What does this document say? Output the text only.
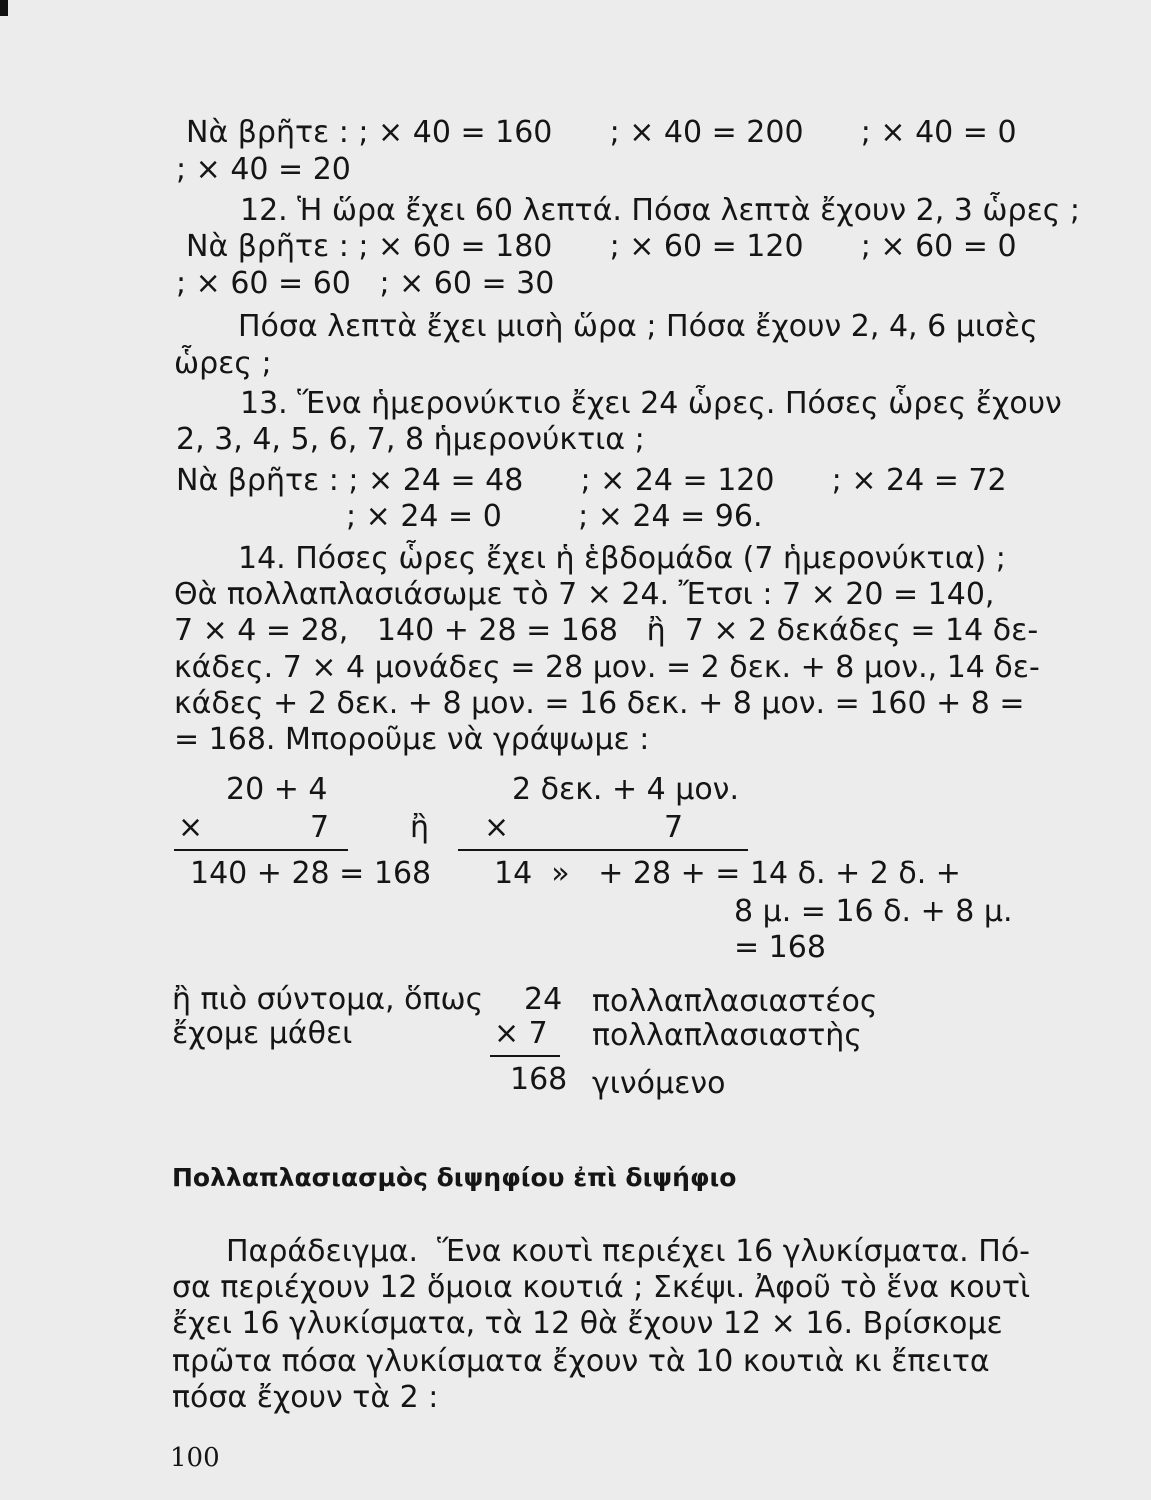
Νὰ βρῆτε : ; × 40 = 160      ; × 40 = 200      ; × 40 = 0
; × 40 = 20
12. Ἡ ὥρα ἔχει 60 λεπτά. Πόσα λεπτὰ ἔχουν 2, 3 ὧρες ;
Νὰ βρῆτε : ; × 60 = 180      ; × 60 = 120      ; × 60 = 0
; × 60 = 60   ; × 60 = 30
Πόσα λεπτὰ ἔχει μισὴ ὥρα ; Πόσα ἔχουν 2, 4, 6 μισὲς
ὧρες ;
13. Ἕνα ἡμερονύκτιο ἔχει 24 ὧρες. Πόσες ὧρες ἔχουν
2, 3, 4, 5, 6, 7, 8 ἡμερονύκτια ;
Νὰ βρῆτε : ; × 24 = 48      ; × 24 = 120      ; × 24 = 72
; × 24 = 0        ; × 24 = 96.
14. Πόσες ὧρες ἔχει ἡ ἑβδομάδα (7 ἡμερονύκτια) ;
Θὰ πολλαπλασιάσωμε τὸ 7 × 24. Ἔτσι : 7 × 20 = 140,
7 × 4 = 28,   140 + 28 = 168   ἢ  7 × 2 δεκάδες = 14 δε-
κάδες. 7 × 4 μονάδες = 28 μον. = 2 δεκ. + 8 μον., 14 δε-
κάδες + 2 δεκ. + 8 μον. = 16 δεκ. + 8 μον. = 160 + 8 =
= 168. Μποροῦμε νὰ γράψωμε :
20 + 4
×	7
140 + 28 = 168
ἢ
2 δεκ. + 4 μον.
×	7
14  »   + 28 + = 14 δ. + 2 δ. +
8 μ. = 16 δ. + 8 μ.
= 168
ἢ πιὸ σύντομα, ὅπως
ἔχομε μάθει
24 πολλαπλασιαστέος
× 7 πολλαπλασιαστὴς
168 γινόμενο
Πολλαπλασιασμὸς διψηφίου ἐπὶ διψήφιο
Παράδειγμα.  Ἕνα κουτὶ περιέχει 16 γλυκίσματα. Πό-
σα περιέχουν 12 ὅμοια κουτιά ; Σκέψι. Ἀφοῦ τὸ ἕνα κουτὶ
ἔχει 16 γλυκίσματα, τὰ 12 θὰ ἔχουν 12 × 16. Βρίσκομε
πρῶτα πόσα γλυκίσματα ἔχουν τὰ 10 κουτιὰ κι ἔπειτα
πόσα ἔχουν τὰ 2 :
100
